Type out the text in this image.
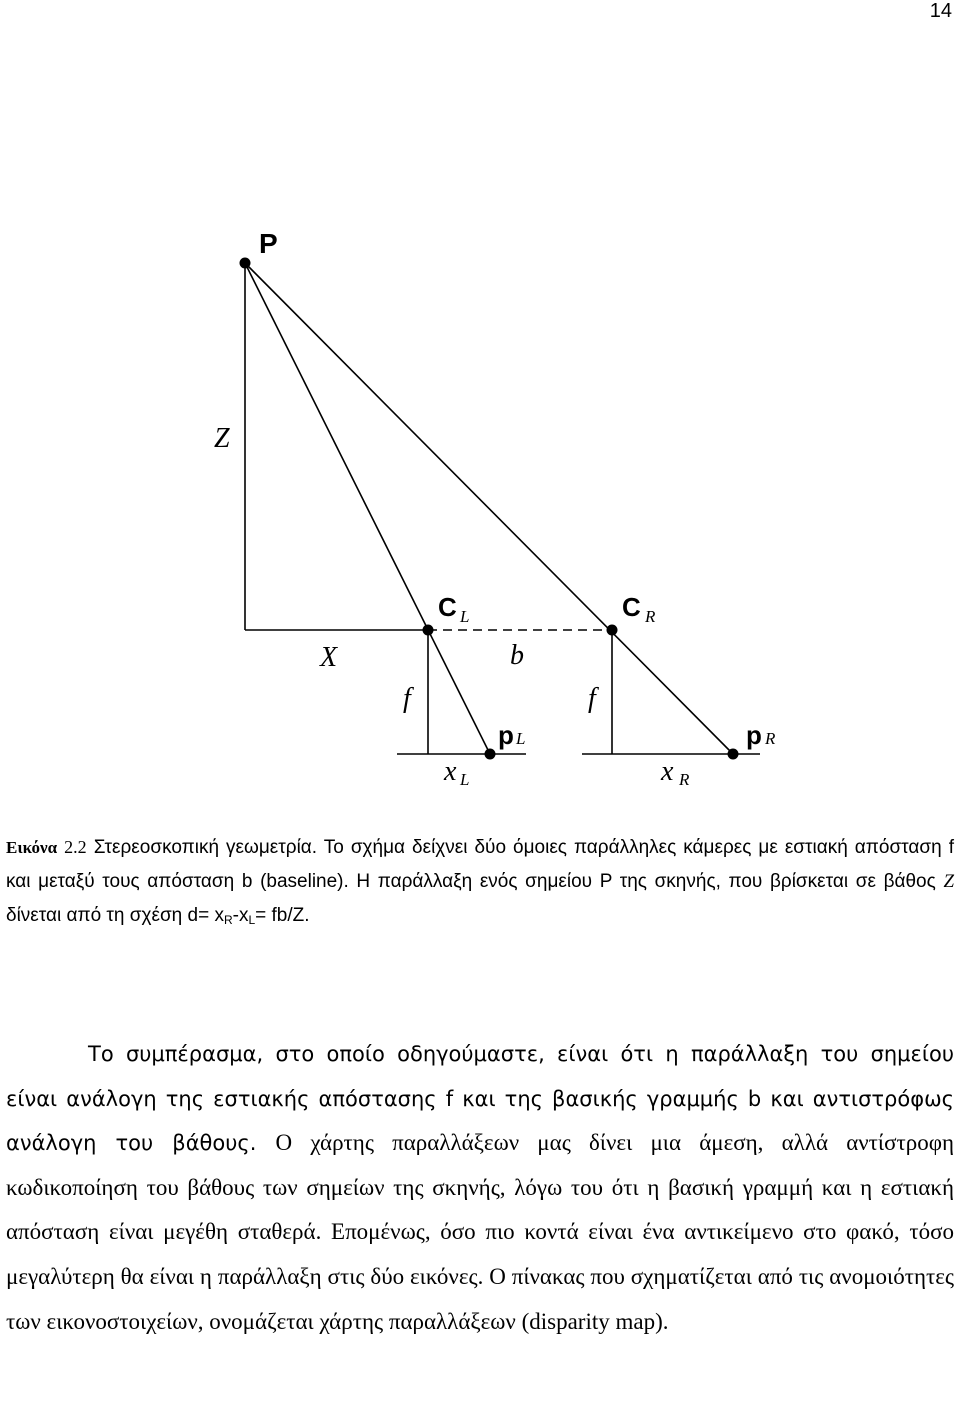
14
P
Z
X
C L	C R
b
f	f
p L	p R
x L	x R
Εικόνα 2.2 Στερεοσκοπική γεωμετρία. Το σχήμα δείχνει δύο όμοιες παράλληλες κάμερες με εστιακή απόσταση f και μεταξύ τους απόσταση b (baseline). Η παράλλαξη ενός σημείου P της σκηνής, που βρίσκεται σε βάθος Z δίνεται από τη σχέση $d= x_R-x_L= fb/Z$.

Το συμπέρασμα, στο οποίο οδηγούμαστε, είναι ότι η παράλλαξη του σημείου είναι ανάλογη της εστιακής απόστασης f και της βασικής γραμμής b και αντιστρόφως ανάλογη του βάθους. Ο χάρτης παραλλάξεων μας δίνει μια άμεση, αλλά αντίστροφη κωδικοποίηση του βάθους των σημείων της σκηνής, λόγω του ότι η βασική γραμμή και η εστιακή απόσταση είναι μεγέθη σταθερά. Επομένως, όσο πιο κοντά είναι ένα αντικείμενο στο φακό, τόσο μεγαλύτερη θα είναι η παράλλαξη στις δύο εικόνες. Ο πίνακας που σχηματίζεται από τις ανομοιότητες των εικονοστοιχείων, ονομάζεται χάρτης παραλλάξεων (disparity map).
